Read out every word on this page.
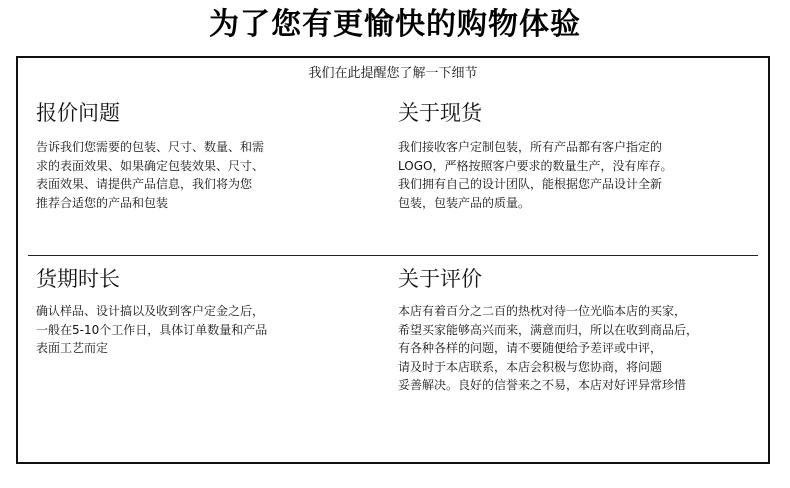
为了您有更愉快的购物体验
我们在此提醒您了解一下细节
报价问题

告诉我们您需要的包装、尺寸、数量、和需

求的表面效果、如果确定包装效果、尺寸、

表面效果、请提供产品信息，我们将为您

推荐合适您的产品和包装

关于现货

我们接收客户定制包装，所有产品都有客户指定的

LOGO，严格按照客户要求的数量生产，没有库存。

我们拥有自己的设计团队，能根据您产品设计全新

包装，包装产品的质量。

货期时长

确认样品、设计搞以及收到客户定金之后，

一般在5-10个工作日，具体订单数量和产品

表面工艺而定

关于评价

本店有着百分之二百的热枕对待一位光临本店的买家，

希望买家能够高兴而来，满意而归，所以在收到商品后，

有各种各样的问题，请不要随便给予差评或中评，

请及时于本店联系，本店会积极与您协商，将问题

妥善解决。良好的信誉来之不易，本店对好评异常珍惜
